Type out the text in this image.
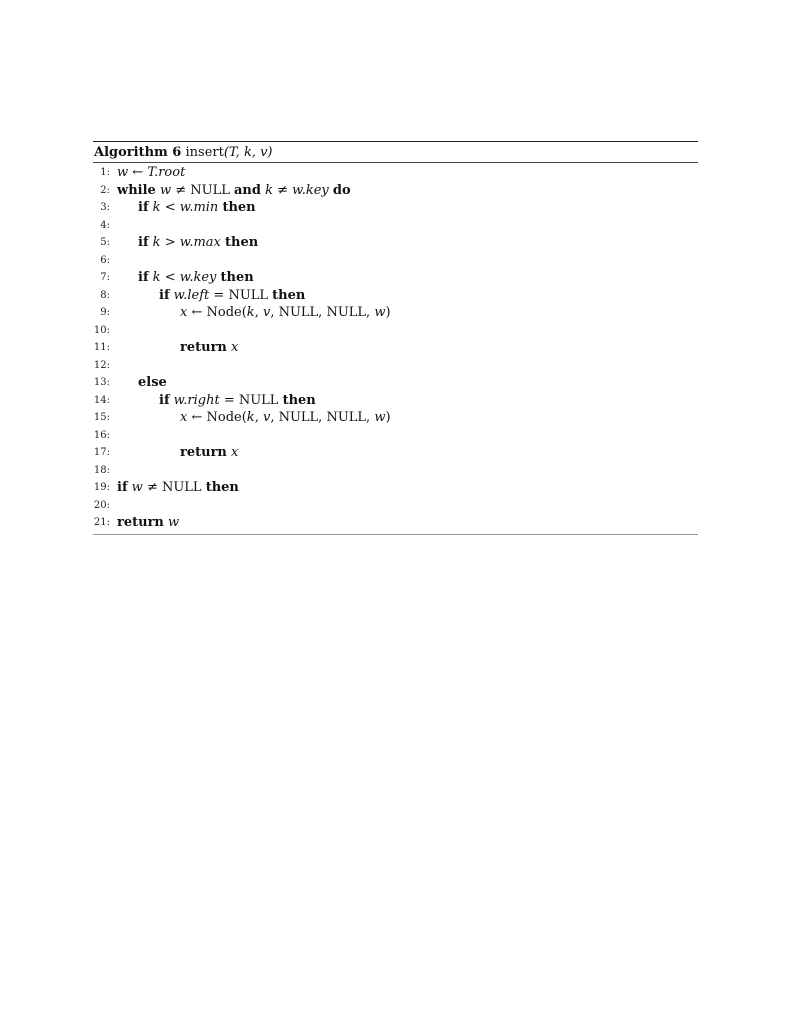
Algorithm 6 insert(T, k, v)
1: w ← T.root
2: while w ≠ NULL and k ≠ w.key do
3: if k < w.min then
4:
5: if k > w.max then
6:
7: if k < w.key then
8:	if w.left = NULL then
9:	x ← Node(k, v, NULL, NULL, w)
10:
11:	return x
12:
13: else
14:	if w.right = NULL then
15:	x ← Node(k, v, NULL, NULL, w)
16:
17:	return x
18:
19: if w ≠ NULL then
20:
21: return w
